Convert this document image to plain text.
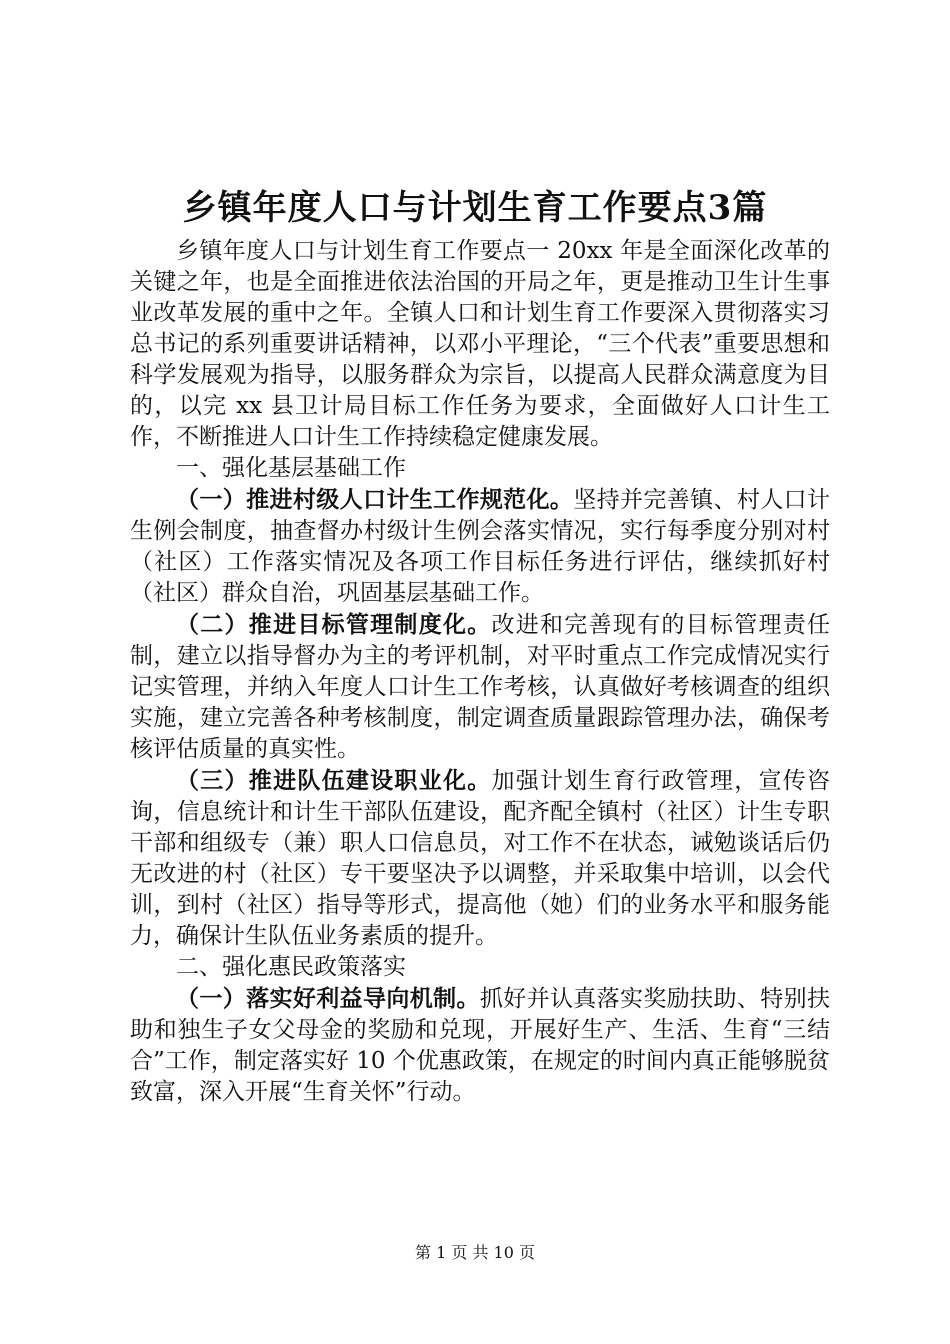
乡镇年度人口与计划生育工作要点3篇

乡镇年度人口与计划生育工作要点一 20xx 年是全面深化改革的关键之年，也是全面推进依法治国的开局之年，更是推动卫生计生事业改革发展的重中之年。全镇人口和计划生育工作要深入贯彻落实习总书记的系列重要讲话精神，以邓小平理论，“三个代表”重要思想和科学发展观为指导，以服务群众为宗旨，以提高人民群众满意度为目的，以完 xx 县卫计局目标工作任务为要求，全面做好人口计生工作，不断推进人口计生工作持续稳定健康发展。

一、强化基层基础工作

（一）推进村级人口计生工作规范化。坚持并完善镇、村人口计生例会制度，抽查督办村级计生例会落实情况，实行每季度分别对村（社区）工作落实情况及各项工作目标任务进行评估，继续抓好村（社区）群众自治，巩固基层基础工作。

（二）推进目标管理制度化。改进和完善现有的目标管理责任制，建立以指导督办为主的考评机制，对平时重点工作完成情况实行记实管理，并纳入年度人口计生工作考核，认真做好考核调查的组织实施，建立完善各种考核制度，制定调查质量跟踪管理办法，确保考核评估质量的真实性。

（三）推进队伍建设职业化。加强计划生育行政管理，宣传咨询，信息统计和计生干部队伍建设，配齐配全镇村（社区）计生专职干部和组级专（兼）职人口信息员，对工作不在状态，诫勉谈话后仍无改进的村（社区）专干要坚决予以调整，并采取集中培训，以会代训，到村（社区）指导等形式，提高他（她）们的业务水平和服务能力，确保计生队伍业务素质的提升。

二、强化惠民政策落实

（一）落实好利益导向机制。抓好并认真落实奖励扶助、特别扶助和独生子女父母金的奖励和兑现，开展好生产、生活、生育“三结合”工作，制定落实好 10 个优惠政策，在规定的时间内真正能够脱贫致富，深入开展“生育关怀”行动。

第 1 页 共 10 页
